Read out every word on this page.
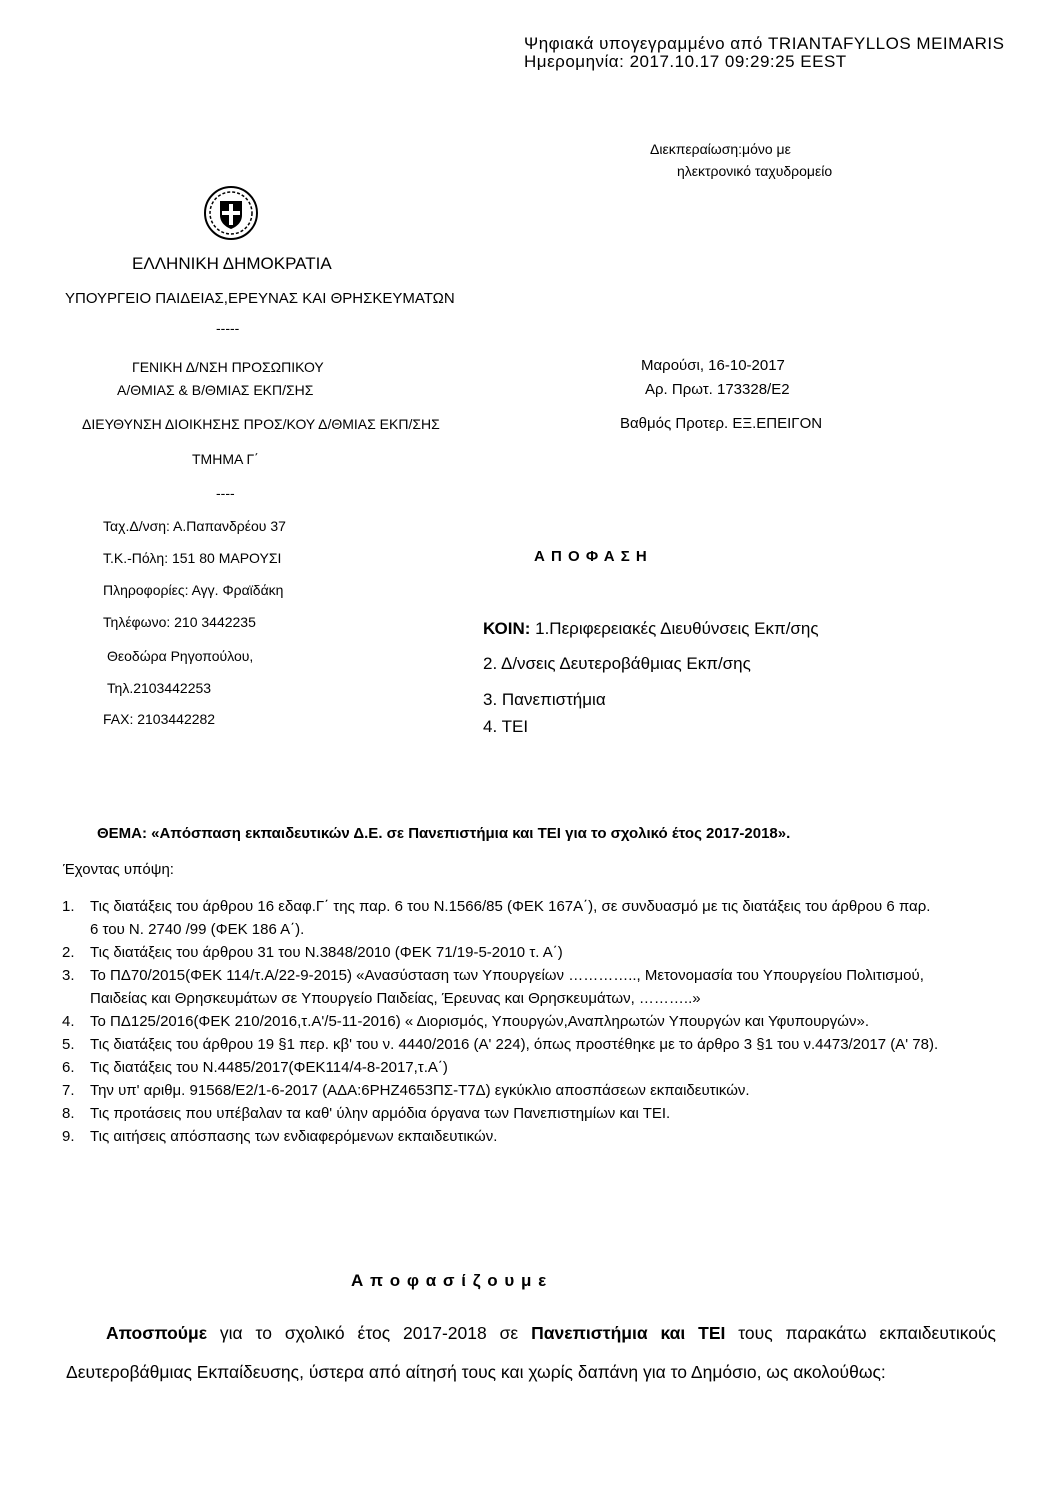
Ψηφιακά υπογεγραμμένο από TRIANTAFYLLOS MEIMARIS
Ημερομηνία: 2017.10.17 09:29:25 EEST
Διεκπεραίωση:μόνο με
ηλεκτρονικό ταχυδρομείο
ΕΛΛΗΝΙΚΗ ΔΗΜΟΚΡΑΤΙΑ
ΥΠΟΥΡΓΕΙΟ ΠΑΙΔΕΙΑΣ,ΕΡΕΥΝΑΣ ΚΑΙ ΘΡΗΣΚΕΥΜΑΤΩΝ
-----
ΓΕΝΙΚΗ Δ/ΝΣΗ ΠΡΟΣΩΠΙΚΟΥ
Α/ΘΜΙΑΣ & Β/ΘΜΙΑΣ ΕΚΠ/ΣΗΣ
ΔΙΕΥΘΥΝΣΗ ΔΙΟΙΚΗΣΗΣ ΠΡΟΣ/ΚΟΥ Δ/ΘΜΙΑΣ ΕΚΠ/ΣΗΣ
ΤΜΗΜΑ Γ΄
----
Ταχ.Δ/νση: Α.Παπανδρέου 37
Τ.Κ.-Πόλη: 151 80 ΜΑΡΟΥΣΙ
Πληροφορίες: Αγγ. Φραϊδάκη
Τηλέφωνο: 210 3442235
Θεοδώρα Ρηγοπούλου,
Τηλ.2103442253
FAX: 2103442282
Μαρούσι, 16-10-2017
Αρ. Πρωτ. 173328/Ε2
Βαθμός Προτερ. ΕΞ.ΕΠΕΙΓΟΝ
Α Π Ο Φ Α Σ Η
ΚΟΙΝ: 1.Περιφερειακές Διευθύνσεις Εκπ/σης
2. Δ/νσεις Δευτεροβάθμιας Εκπ/σης
3. Πανεπιστήμια
4. ΤΕΙ
ΘΕΜΑ: «Απόσπαση εκπαιδευτικών Δ.Ε. σε Πανεπιστήμια και ΤΕΙ για το σχολικό έτος 2017-2018».
Έχοντας υπόψη:
1. Τις διατάξεις του άρθρου 16 εδαφ.Γ΄ της παρ. 6 του Ν.1566/85 (ΦΕΚ 167Α΄), σε συνδυασμό με τις διατάξεις του άρθρου 6 παρ. 6 του Ν. 2740 /99 (ΦΕΚ 186 Α΄).
2. Τις διατάξεις του άρθρου 31 του Ν.3848/2010 (ΦΕΚ 71/19-5-2010 τ. Α΄)
3. Το ΠΔ70/2015(ΦΕΚ 114/τ.Α/22-9-2015) «Ανασύσταση των Υπουργείων ………….., Μετονομασία του Υπουργείου Πολιτισμού, Παιδείας και Θρησκευμάτων σε Υπουργείο Παιδείας, Έρευνας και Θρησκευμάτων, ………..»
4. Το ΠΔ125/2016(ΦΕΚ 210/2016,τ.Α'/5-11-2016) « Διορισμός, Υπουργών,Αναπληρωτών Υπουργών και Υφυπουργών».
5. Τις διατάξεις του άρθρου 19 §1 περ. κβ' του ν. 4440/2016 (Α' 224), όπως προστέθηκε με το άρθρο 3 §1 του ν.4473/2017 (Α' 78).
6. Τις διατάξεις του Ν.4485/2017(ΦΕΚ114/4-8-2017,τ.Α΄)
7. Την υπ' αριθμ. 91568/Ε2/1-6-2017 (ΑΔΑ:6ΡΗΖ4653ΠΣ-Τ7Δ) εγκύκλιο αποσπάσεων εκπαιδευτικών.
8. Τις προτάσεις που υπέβαλαν τα καθ' ύλην αρμόδια όργανα των Πανεπιστημίων και ΤΕΙ.
9. Τις αιτήσεις απόσπασης των ενδιαφερόμενων εκπαιδευτικών.
Α π ο φ α σ ί ζ ο υ μ ε
Αποσπούμε για το σχολικό έτος 2017-2018 σε Πανεπιστήμια και ΤΕΙ τους παρακάτω εκπαιδευτικούς Δευτεροβάθμιας Εκπαίδευσης, ύστερα από αίτησή τους και χωρίς δαπάνη για το Δημόσιο, ως ακολούθως:
